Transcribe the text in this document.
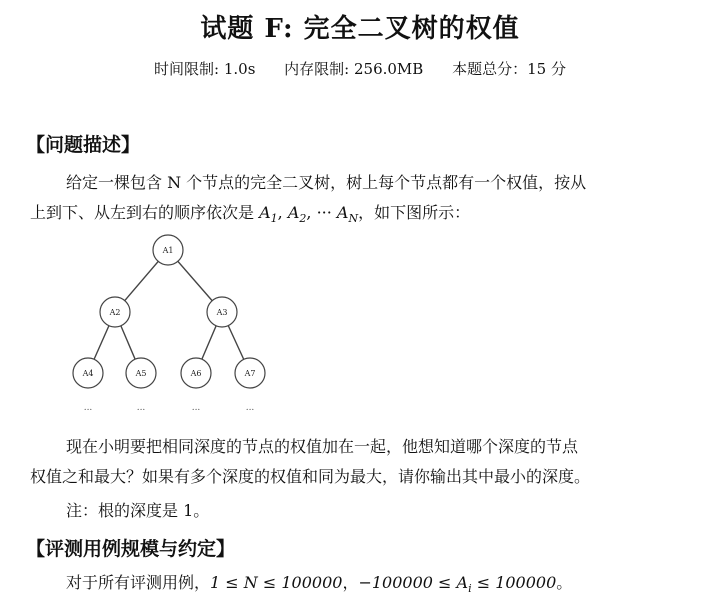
试题 F: 完全二叉树的权值
时间限制: 1.0s 内存限制: 256.0MB 本题总分：15 分
【问题描述】
给定一棵包含 N 个节点的完全二叉树，树上每个节点都有一个权值，按从
上到下、从左到右的顺序依次是 $A_1$, $A_2$, ··· $A_N$，如下图所示：
A1
A2	A3
A4	A5	A6	A7
...	...	...	...
现在小明要把相同深度的节点的权值加在一起，他想知道哪个深度的节点
权值之和最大？如果有多个深度的权值和同为最大，请你输出其中最小的深度。
注：根的深度是 1。
【评测用例规模与约定】
对于所有评测用例，1 ≤ N ≤ 100000，$-100000 \le A_i \le 100000$。
